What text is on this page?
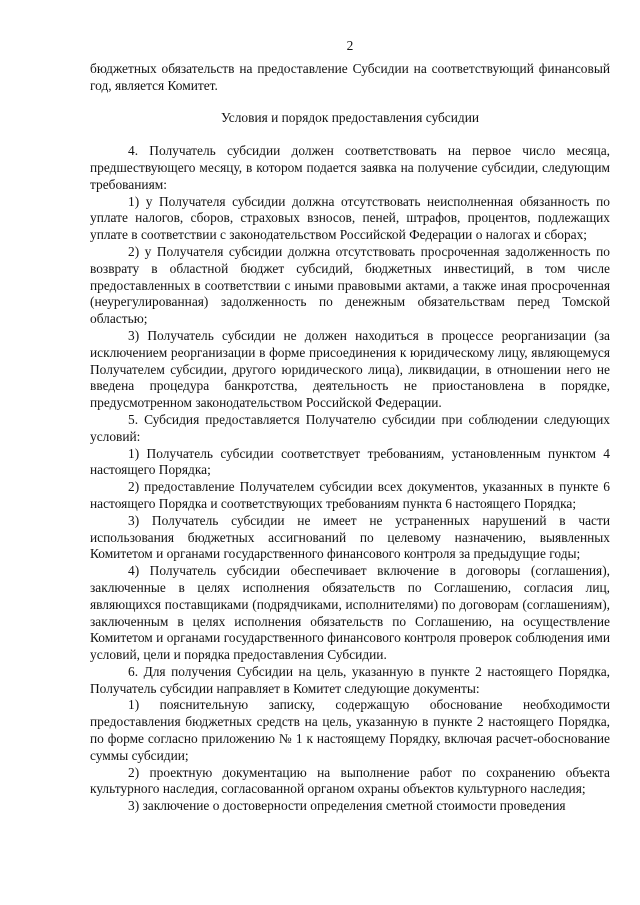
2

бюджетных обязательств на предоставление Субсидии на соответствующий финансовый год, является Комитет.

Условия и порядок предоставления субсидии

4. Получатель субсидии должен соответствовать на первое число месяца, предшествующего месяцу, в котором подается заявка на получение субсидии, следующим требованиям:

1) у Получателя субсидии должна отсутствовать неисполненная обязанность по уплате налогов, сборов, страховых взносов, пеней, штрафов, процентов, подлежащих уплате в соответствии с законодательством Российской Федерации о налогах и сборах;

2) у Получателя субсидии должна отсутствовать просроченная задолженность по возврату в областной бюджет субсидий, бюджетных инвестиций, в том числе предоставленных в соответствии с иными правовыми актами, а также иная просроченная (неурегулированная) задолженность по денежным обязательствам перед Томской областью;

3) Получатель субсидии не должен находиться в процессе реорганизации (за исключением реорганизации в форме присоединения к юридическому лицу, являющемуся Получателем субсидии, другого юридического лица), ликвидации, в отношении него не введена процедура банкротства, деятельность не приостановлена в порядке, предусмотренном законодательством Российской Федерации.

5. Субсидия предоставляется Получателю субсидии при соблюдении следующих условий:

1) Получатель субсидии соответствует требованиям, установленным пунктом 4 настоящего Порядка;

2) предоставление Получателем субсидии всех документов, указанных в пункте 6 настоящего Порядка и соответствующих требованиям пункта 6 настоящего Порядка;

3) Получатель субсидии не имеет не устраненных нарушений в части использования бюджетных ассигнований по целевому назначению, выявленных Комитетом и органами государственного финансового контроля за предыдущие годы;

4) Получатель субсидии обеспечивает включение в договоры (соглашения), заключенные в целях исполнения обязательств по Соглашению, согласия лиц, являющихся поставщиками (подрядчиками, исполнителями) по договорам (соглашениям), заключенным в целях исполнения обязательств по Соглашению, на осуществление Комитетом и органами государственного финансового контроля проверок соблюдения ими условий, цели и порядка предоставления Субсидии.

6. Для получения Субсидии на цель, указанную в пункте 2 настоящего Порядка, Получатель субсидии направляет в Комитет следующие документы:

1) пояснительную записку, содержащую обоснование необходимости предоставления бюджетных средств на цель, указанную в пункте 2 настоящего Порядка, по форме согласно приложению № 1 к настоящему Порядку, включая расчет-обоснование суммы субсидии;

2) проектную документацию на выполнение работ по сохранению объекта культурного наследия, согласованной органом охраны объектов культурного наследия;

3) заключение о достоверности определения сметной стоимости проведения
